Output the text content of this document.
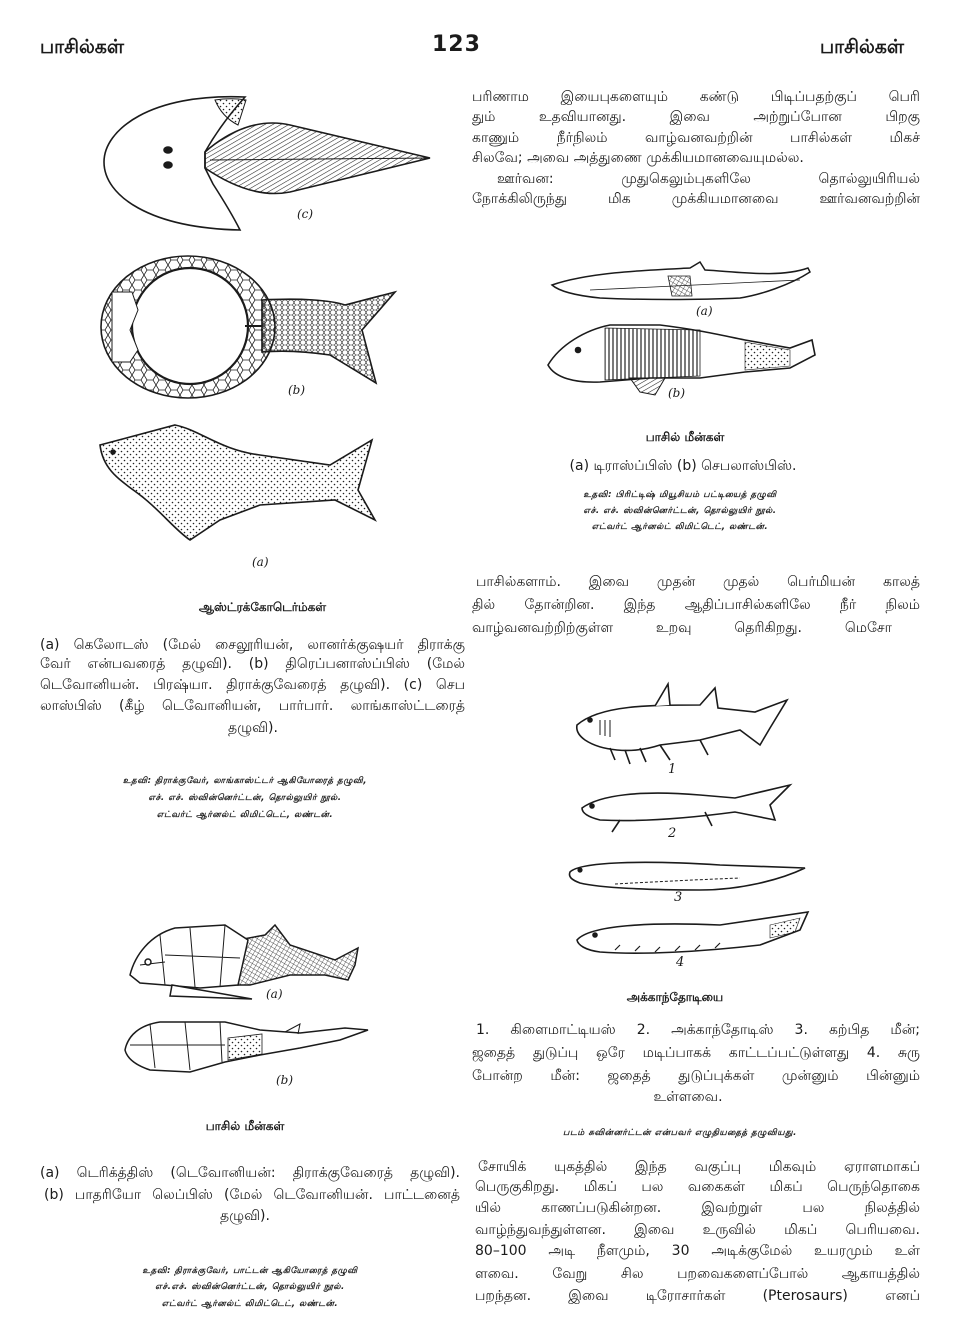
பாசில்கள்	123	பாசில்கள்
(c)
(b)
(a)
(a)
(b)
(a)
(b)
1
2
3
4
ஆஸ்ட்ரக்கோடெர்ம்கள்
(a) கெலோடஸ் (மேல் சைலூரியன், லானர்க்குஷயர் திராக்கு
வேர் என்பவரைத் தழுவி). (b) திரெப்பனாஸ்ப்பிஸ் (மேல்
டெவோனியன். பிரஷ்யா. திராக்குவேரைத் தழுவி). (c) செப
லாஸ்பிஸ் (கீழ் டெவோனியன், பார்பார். லாங்காஸ்ட்டரைத்
தழுவி).
உதவி: திராக்குவேர், லாங்காஸ்ட்டர் ஆகியோரைத் தழுவி,
எச். எச். ஸ்வின்னெர்ட்டன், தொல்லுயிர் நூல்.
எட்வர்ட் ஆர்னல்ட் லிமிட்டெட், லண்டன்.
பாசில் மீன்கள்
(a) டெரிக்த்திஸ் (டெவோனியன்: திராக்குவேரைத் தழுவி).
(b) பாதரியோ லெப்பிஸ் (மேல் டெவோனியன். பாட்டனைத்
தழுவி).
உதவி: திராக்குவேர், பாட்டன் ஆகியோரைத் தழுவி
எச்.எச். ஸ்வின்னெர்ட்டன், தொல்லுயிர் நூல்.
எட்வர்ட் ஆர்னல்ட் லிமிட்டெட், லண்டன்.
பரிணாம இயைபுகளையும் கண்டு பிடிப்பதற்குப் பெரி
தும் உதவியானது. இவை அற்றுப்போன பிறகு
காணும் நீர்நிலம் வாழ்வனவற்றின் பாசில்கள் மிகச்
சிலவே; அவை அத்துணை முக்கியமானவையுமல்ல.
ஊர்வன: முதுகெலும்புகளிலே தொல்லுயிரியல்
நோக்கிலிருந்து மிக முக்கியமானவை ஊர்வனவற்றின்
பாசில் மீன்கள்
(a) டிராஸ்ப்பிஸ் (b) செபலாஸ்பிஸ்.
உதவி: பிரிட்டிஷ் மியூசியம் பட்டியைத் தழுவி
எச். எச். ஸ்வின்னெர்ட்டன், தொல்லுயிர் நூல்.
எட்வர்ட் ஆர்னல்ட் லிமிட்டெட், லண்டன்.
பாசில்களாம். இவை முதன் முதல் பெர்மியன் காலத்
தில் தோன்றின. இந்த ஆதிப்பாசில்களிலே நீர் நிலம்
வாழ்வனவற்றிற்குள்ள உறவு தெரிகிறது. மெசோ
அக்காந்தோடியை
1. கிளைமாட்டியஸ் 2. அக்காந்தோடிஸ் 3. கற்பித மீன்;
ஜதைத் துடுப்பு ஒரே மடிப்பாகக் காட்டப்பட்டுள்ளது 4. சுரு
போன்ற மீன்: ஜதைத் துடுப்புக்கள் முன்னும் பின்னும்
உள்ளவை.
படம் சுவின்னர்ட்டன் என்பவர் எழுதியதைத் தழுவியது.
சோயிக் யுகத்தில் இந்த வகுப்பு மிகவும் ஏராளமாகப்
பெருகுகிறது. மிகப் பல வகைகள் மிகப் பெருந்தொகை
யில் காணப்படுகின்றன. இவற்றுள் பல நிலத்தில்
வாழ்ந்துவந்துள்ளன. இவை உருவில் மிகப் பெரியவை.
80–100 அடி நீளமும், 30 அடிக்குமேல் உயரமும் உள்
ளவை. வேறு சில பறவைகளைப்போல் ஆகாயத்தில்
பறந்தன. இவை டிரோசார்கள் (Pterosaurs) எனப்
